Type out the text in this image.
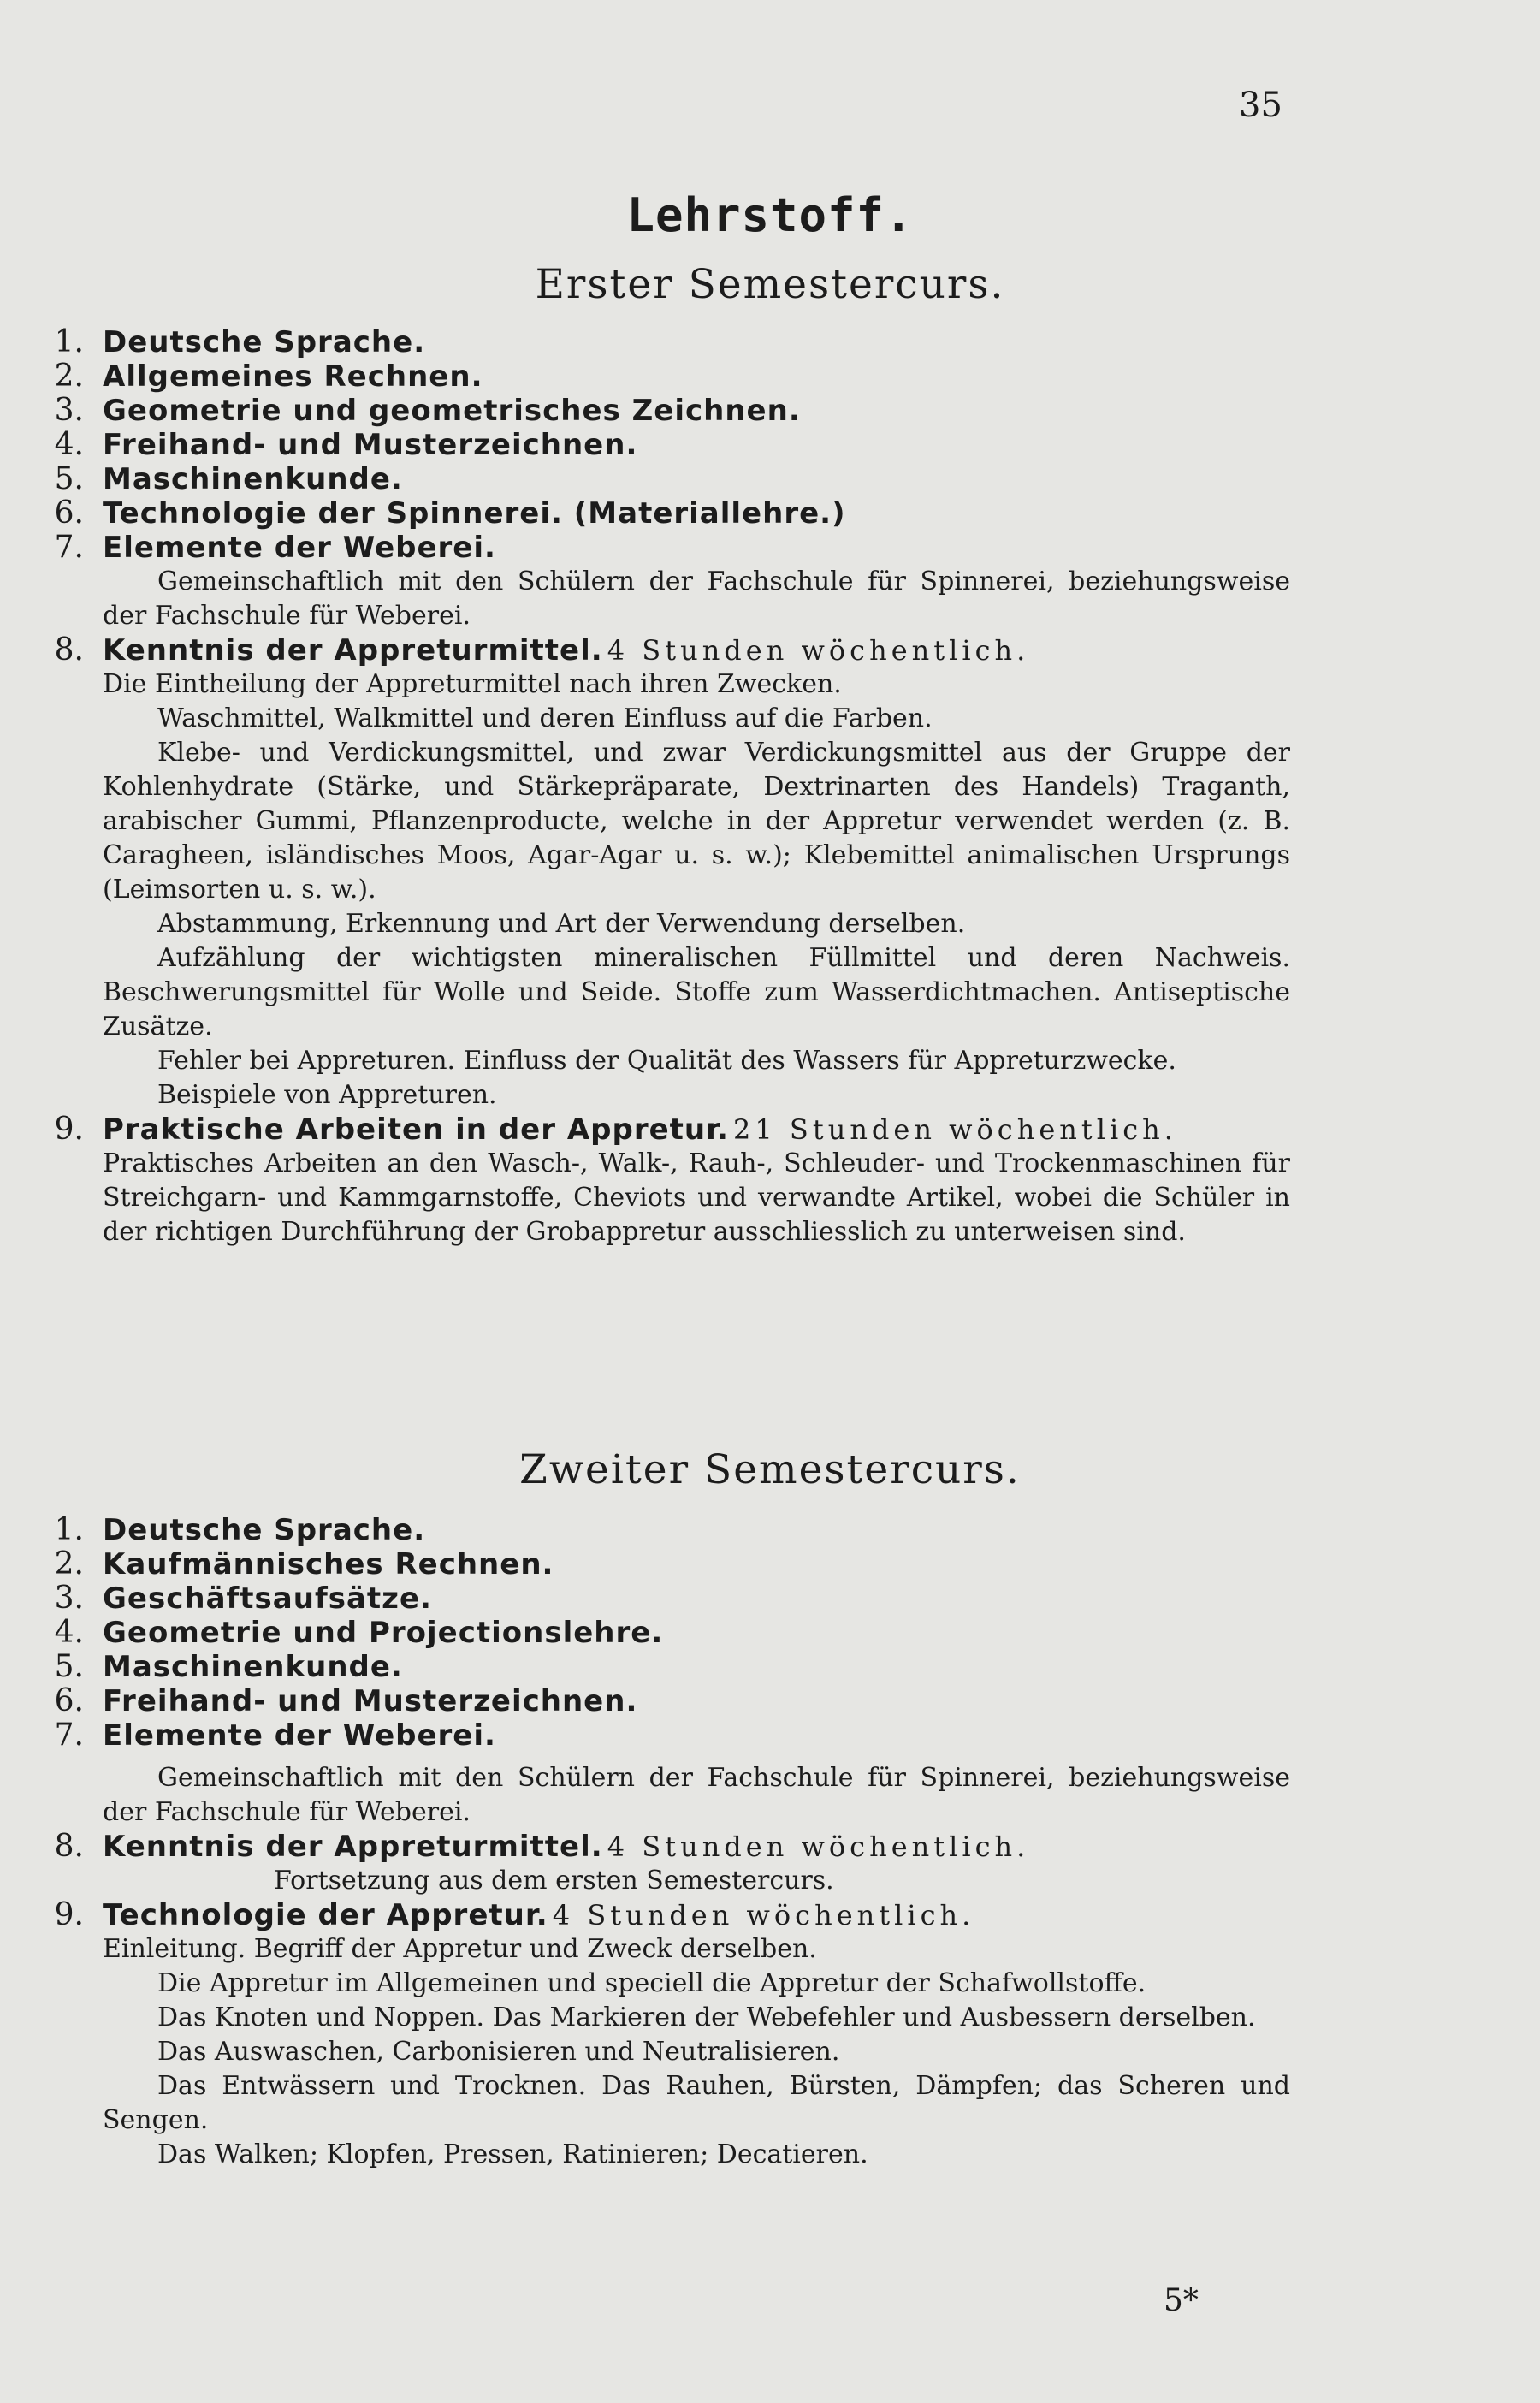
35
Lehrstoff.
Erster Semestercurs.
1. Deutsche Sprache.
2. Allgemeines Rechnen.
3. Geometrie und geometrisches Zeichnen.
4. Freihand- und Musterzeichnen.
5. Maschinenkunde.
6. Technologie der Spinnerei. (Materiallehre.)
7. Elemente der Weberei.

Gemeinschaftlich mit den Schülern der Fachschule für Spinnerei, beziehungsweise der Fachschule für Weberei.

8. Kenntnis der Appreturmittel. 4 Stunden wöchentlich.

Die Eintheilung der Appreturmittel nach ihren Zwecken.

Waschmittel, Walkmittel und deren Einfluss auf die Farben.

Klebe- und Verdickungsmittel, und zwar Verdickungsmittel aus der Gruppe der Kohlenhydrate (Stärke, und Stärkepräparate, Dextrinarten des Handels) Traganth, arabischer Gummi, Pflanzenproducte, welche in der Appretur verwendet werden (z. B. Caragheen, isländisches Moos, Agar-Agar u. s. w.); Klebemittel animalischen Ursprungs (Leimsorten u. s. w.).

Abstammung, Erkennung und Art der Verwendung derselben.

Aufzählung der wichtigsten mineralischen Füllmittel und deren Nachweis. Beschwerungsmittel für Wolle und Seide. Stoffe zum Wasserdichtmachen. Antiseptische Zusätze.

Fehler bei Appreturen. Einfluss der Qualität des Wassers für Appreturzwecke.

Beispiele von Appreturen.

9. Praktische Arbeiten in der Appretur. 21 Stunden wöchentlich.

Praktisches Arbeiten an den Wasch-, Walk-, Rauh-, Schleuder- und Trockenmaschinen für Streichgarn- und Kammgarnstoffe, Cheviots und verwandte Artikel, wobei die Schüler in der richtigen Durchführung der Grobappretur ausschliesslich zu unterweisen sind.

Zweiter Semestercurs.
1. Deutsche Sprache.
2. Kaufmännisches Rechnen.
3. Geschäftsaufsätze.
4. Geometrie und Projectionslehre.
5. Maschinenkunde.
6. Freihand- und Musterzeichnen.
7. Elemente der Weberei.

Gemeinschaftlich mit den Schülern der Fachschule für Spinnerei, beziehungsweise der Fachschule für Weberei.

8. Kenntnis der Appreturmittel. 4 Stunden wöchentlich.

Fortsetzung aus dem ersten Semestercurs.

9. Technologie der Appretur. 4 Stunden wöchentlich.

Einleitung. Begriff der Appretur und Zweck derselben.

Die Appretur im Allgemeinen und speciell die Appretur der Schafwollstoffe.

Das Knoten und Noppen. Das Markieren der Webefehler und Ausbessern derselben.

Das Auswaschen, Carbonisieren und Neutralisieren.

Das Entwässern und Trocknen. Das Rauhen, Bürsten, Dämpfen; das Scheren und Sengen.

Das Walken; Klopfen, Pressen, Ratinieren; Decatieren.

5*
